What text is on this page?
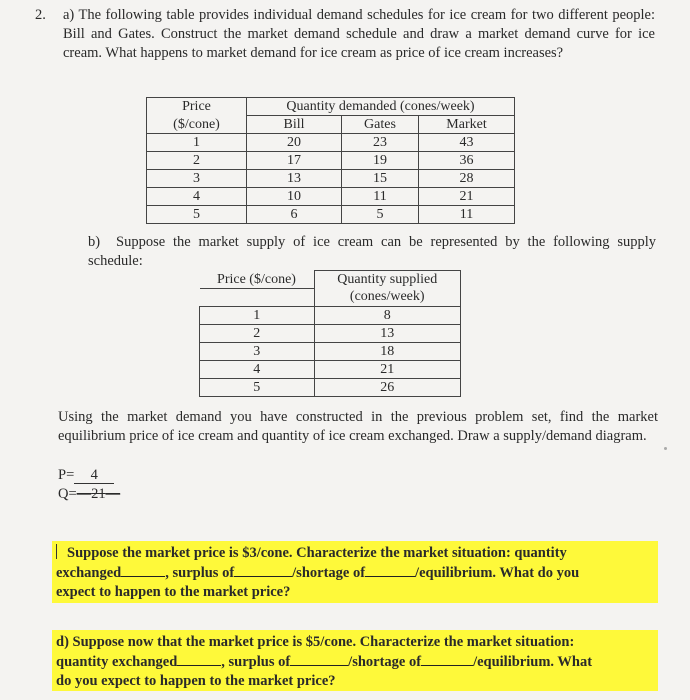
2. a) The following table provides individual demand schedules for ice cream for two different people: Bill and Gates. Construct the market demand schedule and draw a market demand curve for ice cream. What happens to market demand for ice cream as price of ice cream increases?
Price	Quantity demanded (cones/week)		
($/cone)	Bill	Gates	Market
1	20	23	43
2	17	19	36
3	13	15	28
4	10	11	21
5	6	5	11
b) Suppose the market supply of ice cream can be represented by the following supply schedule:
Price ($/cone)	Quantity supplied
	(cones/week)
1	8
2	13
3	18
4	21
5	26
Using the market demand you have constructed in the previous problem set, find the market equilibrium price of ice cream and quantity of ice cream exchanged. Draw a supply/demand diagram.
P= 4
Q=—21—
Suppose the market price is $3/cone. Characterize the market situation: quantity
exchanged	, surplus of	/shortage of	/equilibrium. What do you
expect to happen to the market price?
d) Suppose now that the market price is $5/cone. Characterize the market situation:
quantity exchanged	, surplus of	/shortage of	/equilibrium. What
do you expect to happen to the market price?
